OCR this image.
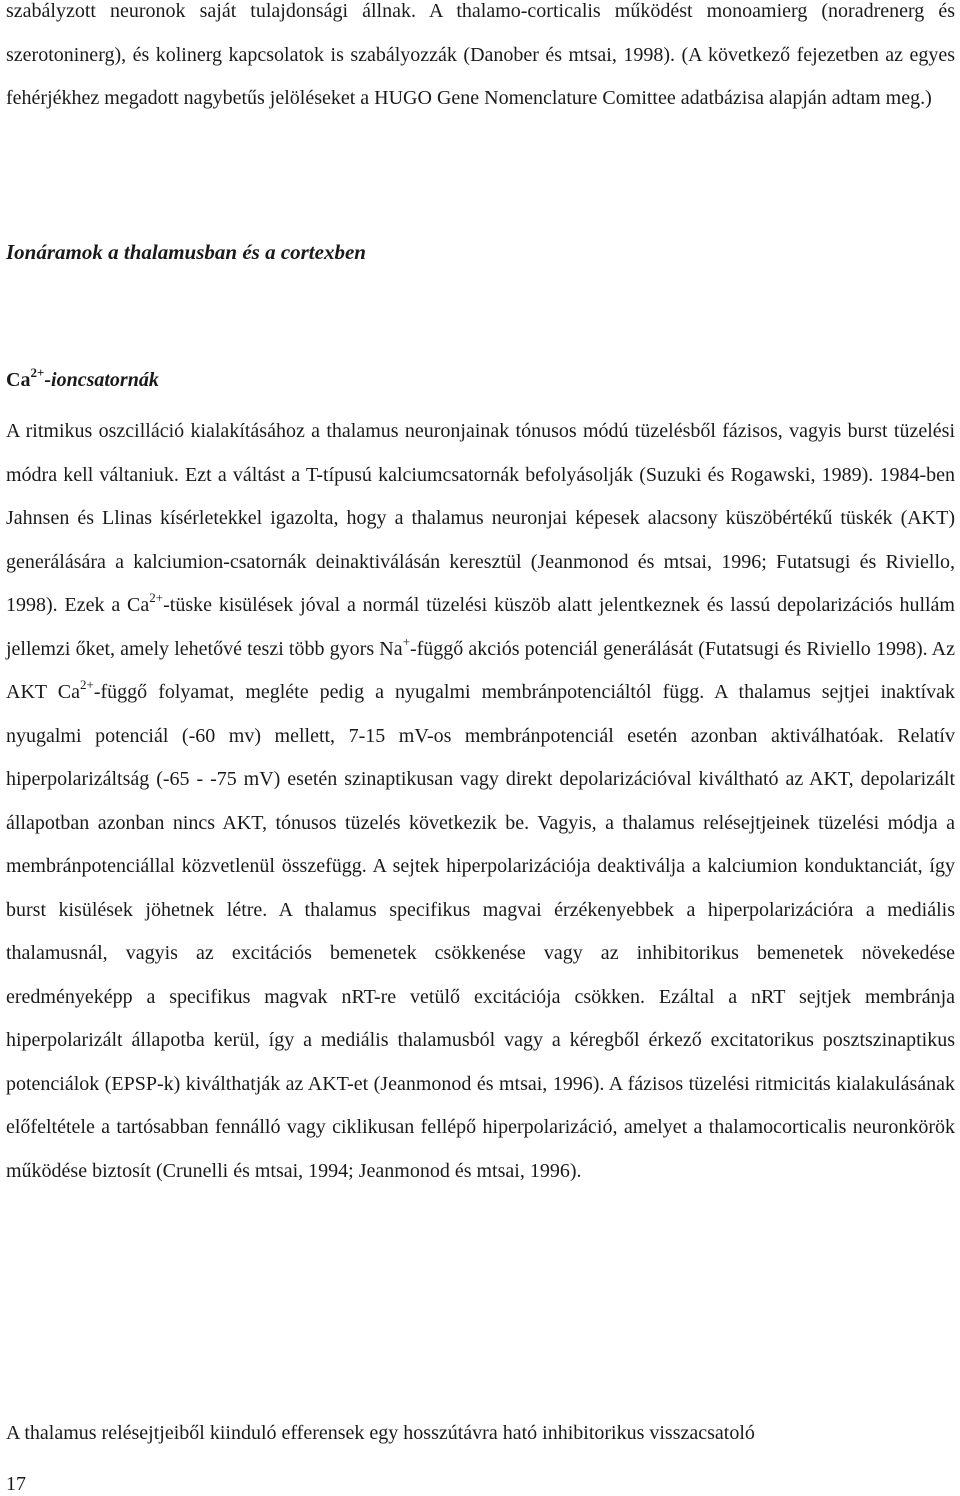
szabályzott neuronok saját tulajdonsági állnak. A thalamo-corticalis működést monoamierg (noradrenerg és szerotoninerg), és kolinerg kapcsolatok is szabályozzák (Danober és mtsai, 1998). (A következő fejezetben az egyes fehérjékhez megadott nagybetűs jelöléseket a HUGO Gene Nomenclature Comittee adatbázisa alapján adtam meg.)

Ionáramok a thalamusban és a cortexben
$Ca^{2+}$-ioncsatornák

A ritmikus oszcilláció kialakításához a thalamus neuronjainak tónusos módú tüzelésből fázisos, vagyis burst tüzelési módra kell váltaniuk. Ezt a váltást a T-típusú kalciumcsatornák befolyásolják (Suzuki és Rogawski, 1989). 1984-ben Jahnsen és Llinas kísérletekkel igazolta, hogy a thalamus neuronjai képesek alacsony küszöbértékű tüskék (AKT) generálására a kalciumion-csatornák deinaktiválásán keresztül (Jeanmonod és mtsai, 1996; Futatsugi és Riviello, 1998). Ezek a $Ca^{2+}$-tüske kisülések jóval a normál tüzelési küszöb alatt jelentkeznek és lassú depolarizációs hullám jellemzi őket, amely lehetővé teszi több gyors Na+-függő akciós potenciál generálását (Futatsugi és Riviello 1998). Az AKT $Ca^{2+}$-függő folyamat, megléte pedig a nyugalmi membránpotenciáltól függ. A thalamus sejtjei inaktívak nyugalmi potenciál (-60 mv) mellett, 7-15 mV-os membránpotenciál esetén azonban aktiválhatóak. Relatív hiperpolarizáltság (-65 - -75 mV) esetén szinaptikusan vagy direkt depolarizációval kiváltható az AKT, depolarizált állapotban azonban nincs AKT, tónusos tüzelés következik be. Vagyis, a thalamus relésejtjeinek tüzelési módja a membránpotenciállal közvetlenül összefügg. A sejtek hiperpolarizációja deaktiválja a kalciumion konduktanciát, így burst kisülések jöhetnek létre. A thalamus specifikus magvai érzékenyebbek a hiperpolarizációra a mediális thalamusnál, vagyis az excitációs bemenetek csökkenése vagy az inhibitorikus bemenetek növekedése eredményeképp a specifikus magvak nRT-re vetülő excitációja csökken. Ezáltal a nRT sejtjek membránja hiperpolarizált állapotba kerül, így a mediális thalamusból vagy a kéregből érkező excitatorikus posztszinaptikus potenciálok (EPSP-k) kiválthatják az AKT-et (Jeanmonod és mtsai, 1996). A fázisos tüzelési ritmicitás kialakulásának előfeltétele a tartósabban fennálló vagy ciklikusan fellépő hiperpolarizáció, amelyet a thalamocorticalis neuronkörök működése biztosít (Crunelli és mtsai, 1994; Jeanmonod és mtsai, 1996).

A thalamus relésejtjeiből kiinduló efferensek egy hosszútávra ható inhibitorikus visszacsatoló

17
